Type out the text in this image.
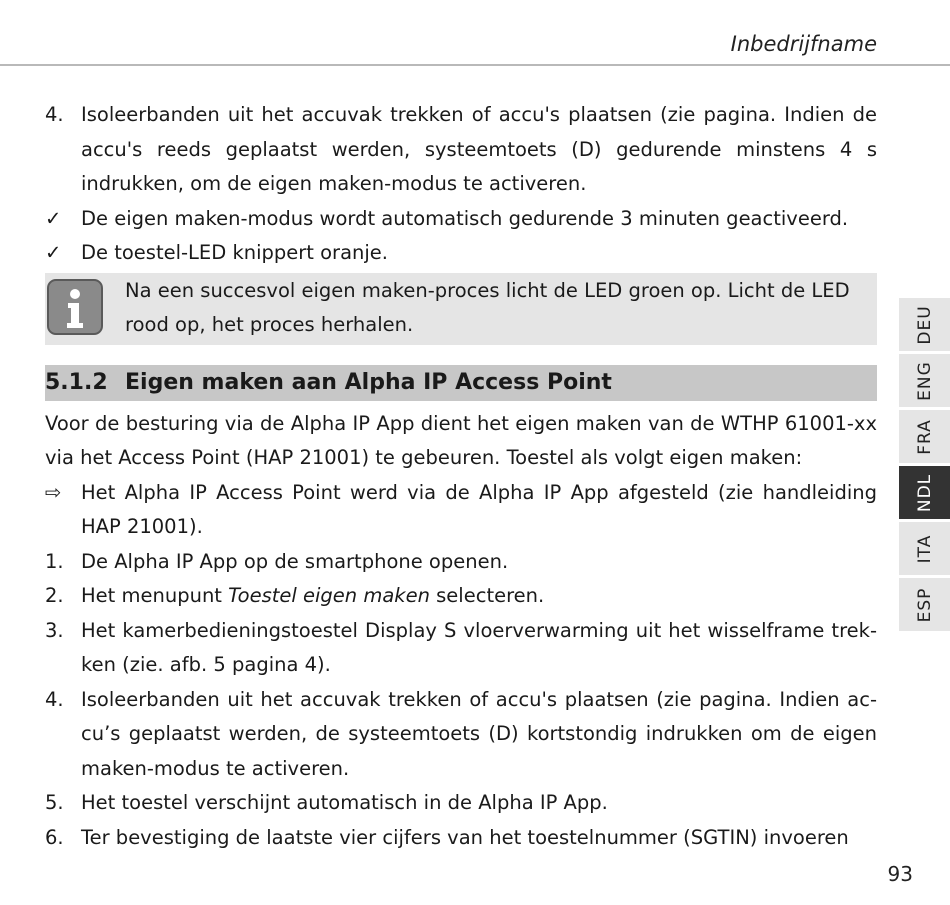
Inbedrijfname
4. Isoleerbanden uit het accuvak trekken of accu's plaatsen (zie pagina. Indien de accu's reeds geplaatst werden, systeemtoets (D) gedurende minstens 4 s indrukken, om de eigen maken-modus te activeren.
✓	De eigen maken-modus wordt automatisch gedurende 3 minuten geactiveerd.
✓	De toestel-LED knippert oranje.
Na een succesvol eigen maken-proces licht de LED groen op. Licht de LED rood op, het proces herhalen.
5.1.2 Eigen maken aan Alpha IP Access Point
Voor de besturing via de Alpha IP App dient het eigen maken van de WTHP 61001-xx via het Access Point (HAP 21001) te gebeuren. Toestel als volgt eigen maken:
⇨	Het Alpha IP Access Point werd via de Alpha IP App afgesteld (zie handleiding HAP 21001).
1. De Alpha IP App op de smartphone openen.
2. Het menupunt Toestel eigen maken selecteren.
3. Het kamerbedieningstoestel Display S vloerverwarming uit het wisselframe trek-ken (zie. afb. 5 pagina 4).
4. Isoleerbanden uit het accuvak trekken of accu's plaatsen (zie pagina. Indien ac-cu’s geplaatst werden, de systeemtoets (D) kortstondig indrukken om de eigen maken-modus te activeren.
5. Het toestel verschijnt automatisch in de Alpha IP App.
6. Ter bevestiging de laatste vier cijfers van het toestelnummer (SGTIN) invoeren
DEU
ENG
FRA
NDL
ITA
ESP
93
